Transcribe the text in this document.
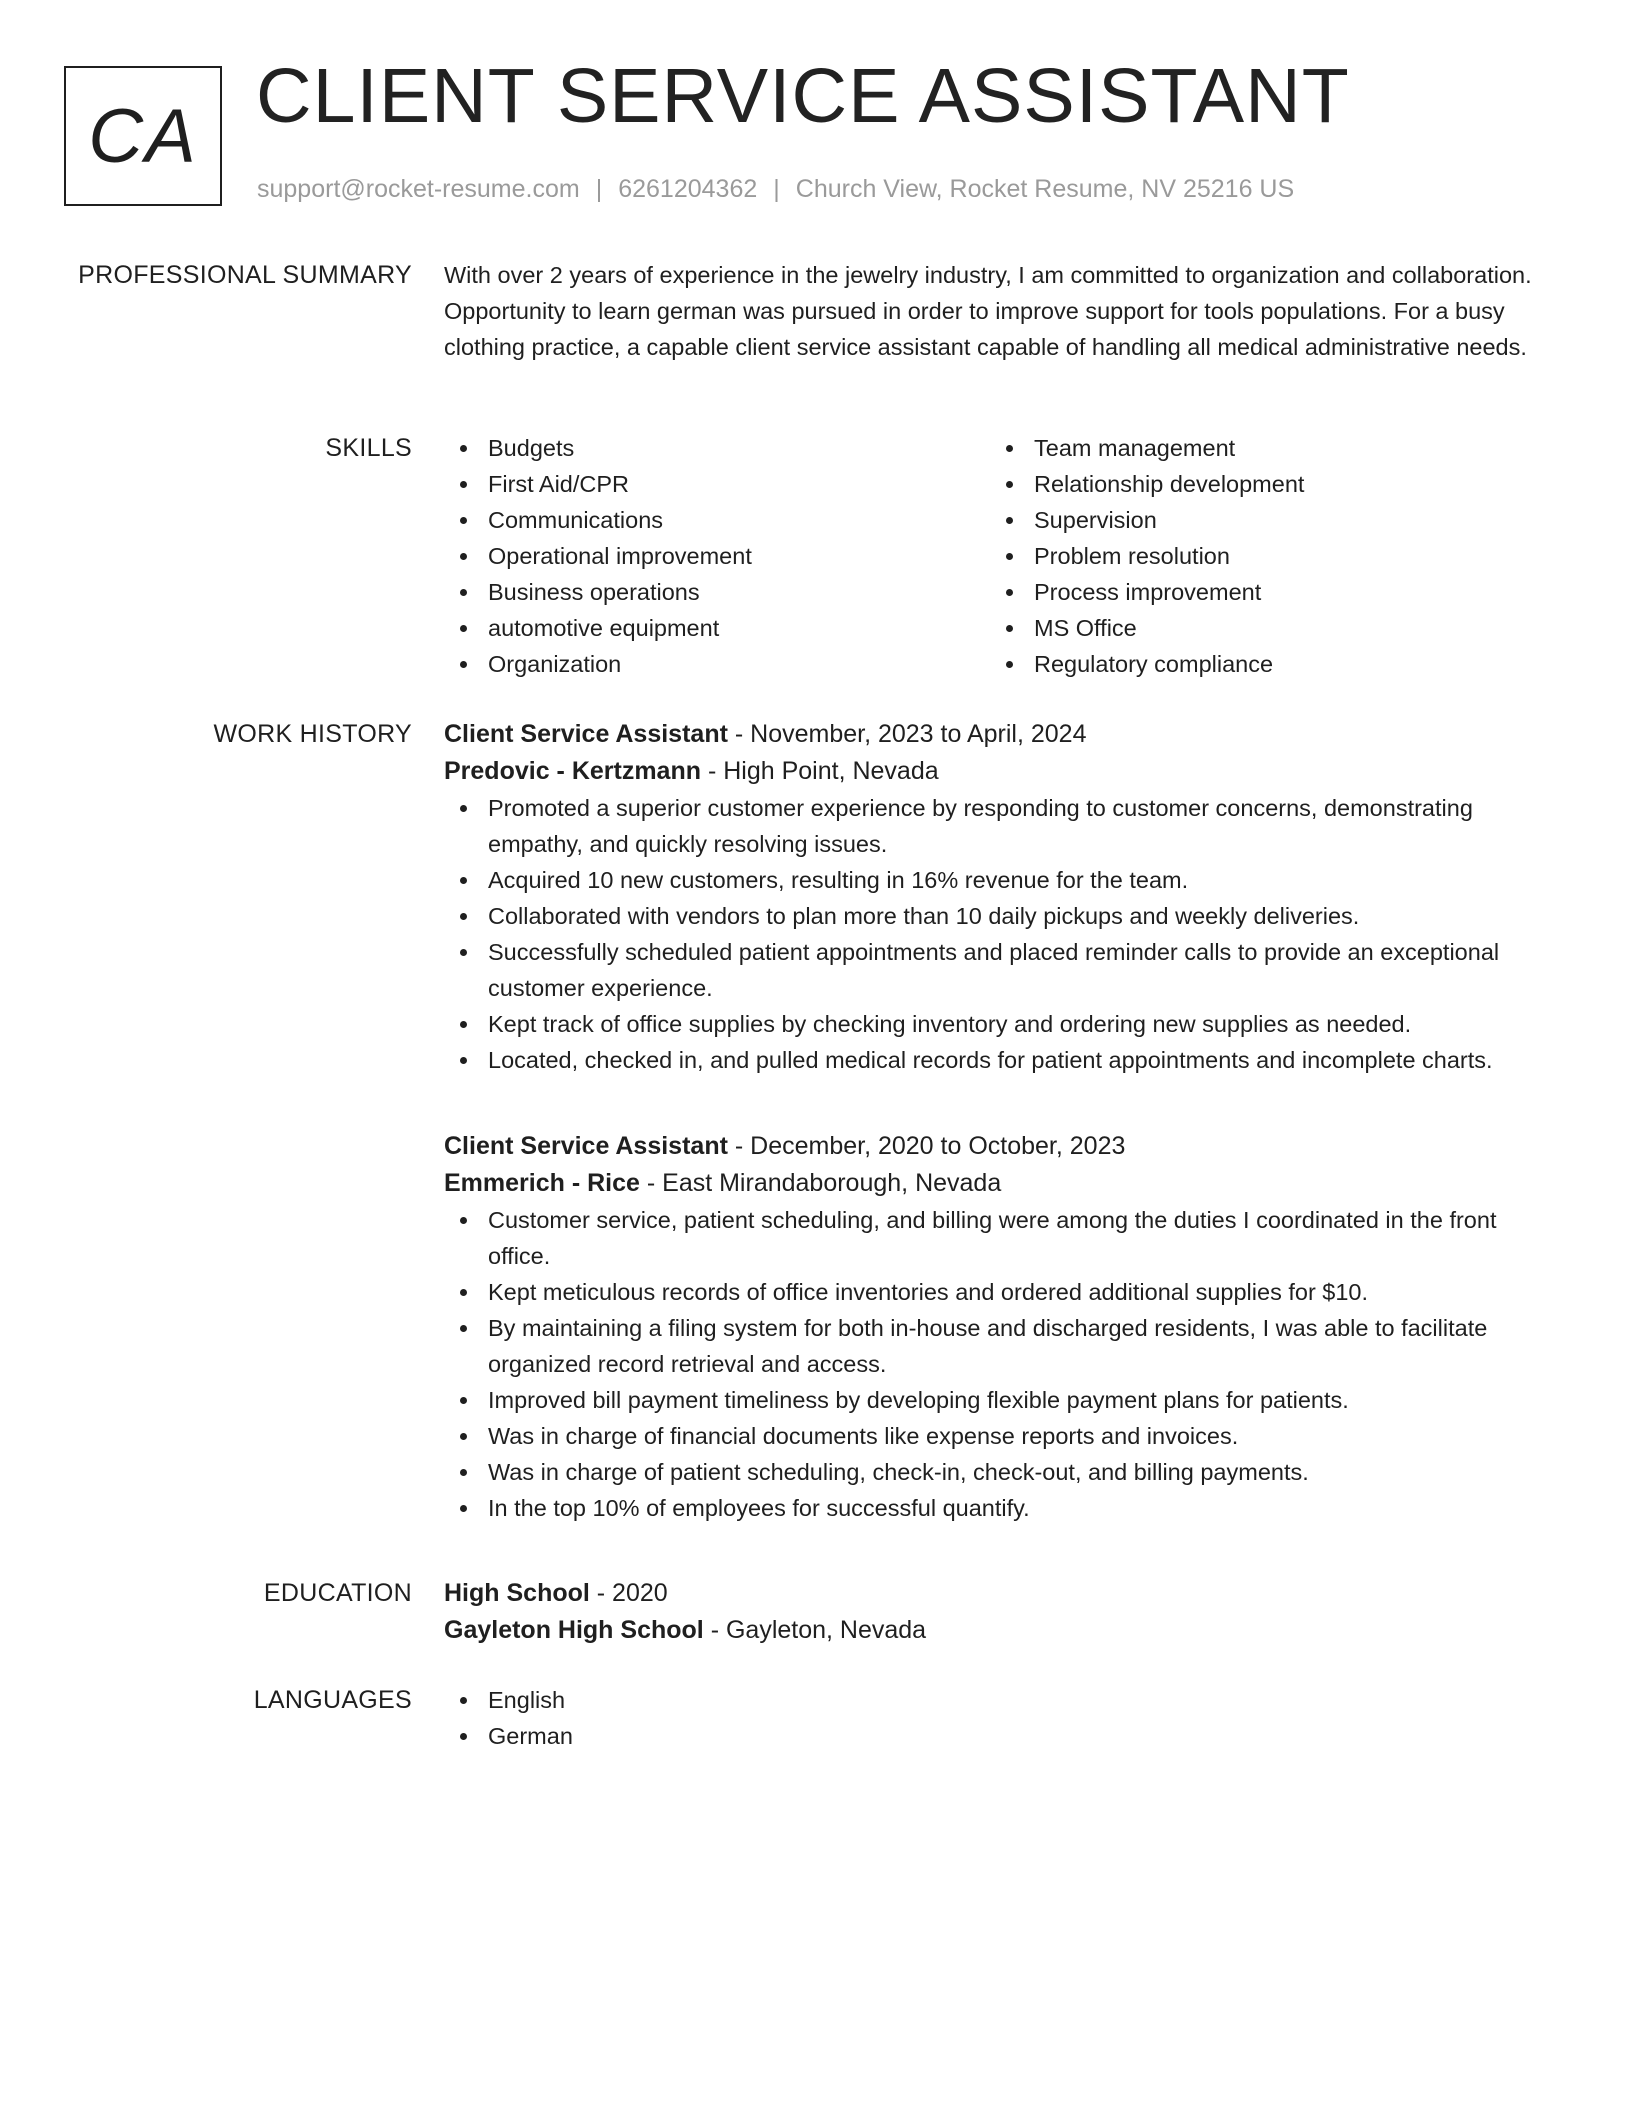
CA CLIENT SERVICE ASSISTANT
support@rocket-resume.com | 6261204362 | Church View, Rocket Resume, NV 25216 US
PROFESSIONAL SUMMARY With over 2 years of experience in the jewelry industry, I am committed to organization and collaboration. Opportunity to learn german was pursued in order to improve support for tools populations. For a busy clothing practice, a capable client service assistant capable of handling all medical administrative needs.

SKILLS	Budgets
First Aid/CPR
Communications
Operational improvement
Business operations
automotive equipment
Organization
Team management
Relationship development
Supervision
Problem resolution
Process improvement
MS Office
Regulatory compliance
WORK HISTORY Client Service Assistant - November, 2023 to April, 2024
Predovic - Kertzmann - High Point, Nevada
Promoted a superior customer experience by responding to customer concerns, demonstrating empathy, and quickly resolving issues.
Acquired 10 new customers, resulting in 16% revenue for the team.
Collaborated with vendors to plan more than 10 daily pickups and weekly deliveries.
Successfully scheduled patient appointments and placed reminder calls to provide an exceptional customer experience.
Kept track of office supplies by checking inventory and ordering new supplies as needed.
Located, checked in, and pulled medical records for patient appointments and incomplete charts.
Client Service Assistant - December, 2020 to October, 2023
Emmerich - Rice - East Mirandaborough, Nevada
Customer service, patient scheduling, and billing were among the duties I coordinated in the front office.
Kept meticulous records of office inventories and ordered additional supplies for $10.
By maintaining a filing system for both in-house and discharged residents, I was able to facilitate organized record retrieval and access.
Improved bill payment timeliness by developing flexible payment plans for patients.
Was in charge of financial documents like expense reports and invoices.
Was in charge of patient scheduling, check-in, check-out, and billing payments.
In the top 10% of employees for successful quantify.
EDUCATION High School - 2020
Gayleton High School - Gayleton, Nevada
LANGUAGES	English
German
